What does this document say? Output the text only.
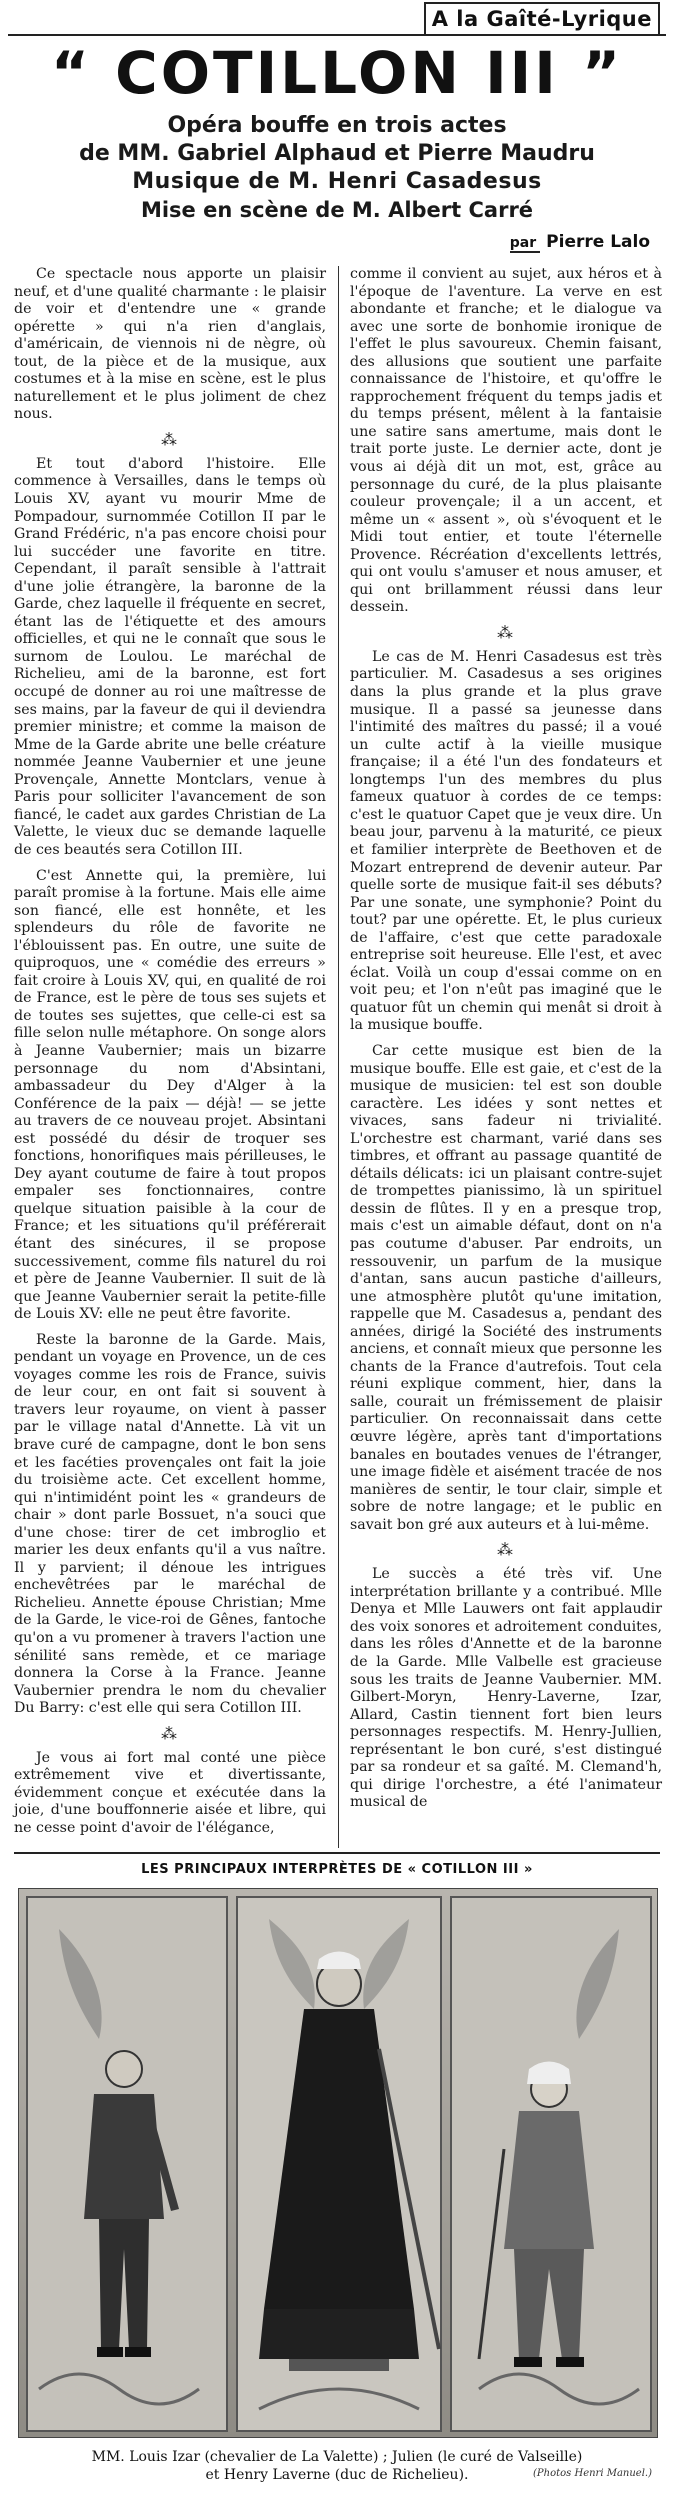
A la Gaîté-Lyrique
“ COTILLON III ”
Opéra bouffe en trois actes
de MM. Gabriel Alphaud et Pierre Maudru
Musique de M. Henri Casadesus
Mise en scène de M. Albert Carré
par Pierre Lalo

Ce spectacle nous apporte un plaisir neuf, et d'une qualité charmante : le plaisir de voir et d'entendre une « grande opérette » qui n'a rien d'anglais, d'américain, de viennois ni de nègre, où tout, de la pièce et de la musique, aux costumes et à la mise en scène, est le plus naturellement et le plus joliment de chez nous.

⁂

Et tout d'abord l'histoire. Elle commence à Versailles, dans le temps où Louis XV, ayant vu mourir Mme de Pompadour, surnommée Cotillon II par le Grand Frédéric, n'a pas encore choisi pour lui succéder une favorite en titre. Cependant, il paraît sensible à l'attrait d'une jolie étrangère, la baronne de la Garde, chez laquelle il fréquente en secret, étant las de l'étiquette et des amours officielles, et qui ne le connaît que sous le surnom de Loulou. Le maréchal de Richelieu, ami de la baronne, est fort occupé de donner au roi une maîtresse de ses mains, par la faveur de qui il deviendra premier ministre; et comme la maison de Mme de la Garde abrite une belle créature nommée Jeanne Vaubernier et une jeune Provençale, Annette Montclars, venue à Paris pour solliciter l'avancement de son fiancé, le cadet aux gardes Christian de La Valette, le vieux duc se demande laquelle de ces beautés sera Cotillon III.

C'est Annette qui, la première, lui paraît promise à la fortune. Mais elle aime son fiancé, elle est honnête, et les splendeurs du rôle de favorite ne l'éblouissent pas. En outre, une suite de quiproquos, une « comédie des erreurs » fait croire à Louis XV, qui, en qualité de roi de France, est le père de tous ses sujets et de toutes ses sujettes, que celle-ci est sa fille selon nulle métaphore. On songe alors à Jeanne Vaubernier; mais un bizarre personnage du nom d'Absintani, ambassadeur du Dey d'Alger à la Conférence de la paix — déjà! — se jette au travers de ce nouveau projet. Absintani est possédé du désir de troquer ses fonctions, honorifiques mais périlleuses, le Dey ayant coutume de faire à tout propos empaler ses fonctionnaires, contre quelque situation paisible à la cour de France; et les situations qu'il préférerait étant des sinécures, il se propose successivement, comme fils naturel du roi et père de Jeanne Vaubernier. Il suit de là que Jeanne Vaubernier serait la petite-fille de Louis XV: elle ne peut être favorite.

Reste la baronne de la Garde. Mais, pendant un voyage en Provence, un de ces voyages comme les rois de France, suivis de leur cour, en ont fait si souvent à travers leur royaume, on vient à passer par le village natal d'Annette. Là vit un brave curé de campagne, dont le bon sens et les facéties provençales ont fait la joie du troisième acte. Cet excellent homme, qui n'intimidént point les « grandeurs de chair » dont parle Bossuet, n'a souci que d'une chose: tirer de cet imbroglio et marier les deux enfants qu'il a vus naître. Il y parvient; il dénoue les intrigues enchevêtrées par le maréchal de Richelieu. Annette épouse Christian; Mme de la Garde, le vice-roi de Gênes, fantoche qu'on a vu promener à travers l'action une sénilité sans remède, et ce mariage donnera la Corse à la France. Jeanne Vaubernier prendra le nom du chevalier Du Barry: c'est elle qui sera Cotillon III.

⁂

Je vous ai fort mal conté une pièce extrêmement vive et divertissante, évidemment conçue et exécutée dans la joie, d'une bouffonnerie aisée et libre, qui ne cesse point d'avoir de l'élégance,

comme il convient au sujet, aux héros et à l'époque de l'aventure. La verve en est abondante et franche; et le dialogue va avec une sorte de bonhomie ironique de l'effet le plus savoureux. Chemin faisant, des allusions que soutient une parfaite connaissance de l'histoire, et qu'offre le rapprochement fréquent du temps jadis et du temps présent, mêlent à la fantaisie une satire sans amertume, mais dont le trait porte juste. Le dernier acte, dont je vous ai déjà dit un mot, est, grâce au personnage du curé, de la plus plaisante couleur provençale; il a un accent, et même un « assent », où s'évoquent et le Midi tout entier, et toute l'éternelle Provence. Récréation d'excellents lettrés, qui ont voulu s'amuser et nous amuser, et qui ont brillamment réussi dans leur dessein.

⁂

Le cas de M. Henri Casadesus est très particulier. M. Casadesus a ses origines dans la plus grande et la plus grave musique. Il a passé sa jeunesse dans l'intimité des maîtres du passé; il a voué un culte actif à la vieille musique française; il a été l'un des fondateurs et longtemps l'un des membres du plus fameux quatuor à cordes de ce temps: c'est le quatuor Capet que je veux dire. Un beau jour, parvenu à la maturité, ce pieux et familier interprète de Beethoven et de Mozart entreprend de devenir auteur. Par quelle sorte de musique fait-il ses débuts? Par une sonate, une symphonie? Point du tout? par une opérette. Et, le plus curieux de l'affaire, c'est que cette paradoxale entreprise soit heureuse. Elle l'est, et avec éclat. Voilà un coup d'essai comme on en voit peu; et l'on n'eût pas imaginé que le quatuor fût un chemin qui menât si droit à la musique bouffe.

Car cette musique est bien de la musique bouffe. Elle est gaie, et c'est de la musique de musicien: tel est son double caractère. Les idées y sont nettes et vivaces, sans fadeur ni trivialité. L'orchestre est charmant, varié dans ses timbres, et offrant au passage quantité de détails délicats: ici un plaisant contre-sujet de trompettes pianissimo, là un spirituel dessin de flûtes. Il y en a presque trop, mais c'est un aimable défaut, dont on n'a pas coutume d'abuser. Par endroits, un ressouvenir, un parfum de la musique d'antan, sans aucun pastiche d'ailleurs, une atmosphère plutôt qu'une imitation, rappelle que M. Casadesus a, pendant des années, dirigé la Société des instruments anciens, et connaît mieux que personne les chants de la France d'autrefois. Tout cela réuni explique comment, hier, dans la salle, courait un frémissement de plaisir particulier. On reconnaissait dans cette œuvre légère, après tant d'importations banales en boutades venues de l'étranger, une image fidèle et aisément tracée de nos manières de sentir, le tour clair, simple et sobre de notre langage; et le public en savait bon gré aux auteurs et à lui-même.

⁂

Le succès a été très vif. Une interprétation brillante y a contribué. Mlle Denya et Mlle Lauwers ont fait applaudir des voix sonores et adroitement conduites, dans les rôles d'Annette et de la baronne de la Garde. Mlle Valbelle est gracieuse sous les traits de Jeanne Vaubernier. MM. Gilbert-Moryn, Henry-Laverne, Izar, Allard, Castin tiennent fort bien leurs personnages respectifs. M. Henry-Jullien, représentant le bon curé, s'est distingué par sa rondeur et sa gaîté. M. Clemand'h, qui dirige l'orchestre, a été l'animateur musical de

LES PRINCIPAUX INTERPRÈTES DE « COTILLON III »
MM. Louis Izar (chevalier de La Valette) ; Julien (le curé de Valseille)
et Henry Laverne (duc de Richelieu).	(Photos Henri Manuel.)
